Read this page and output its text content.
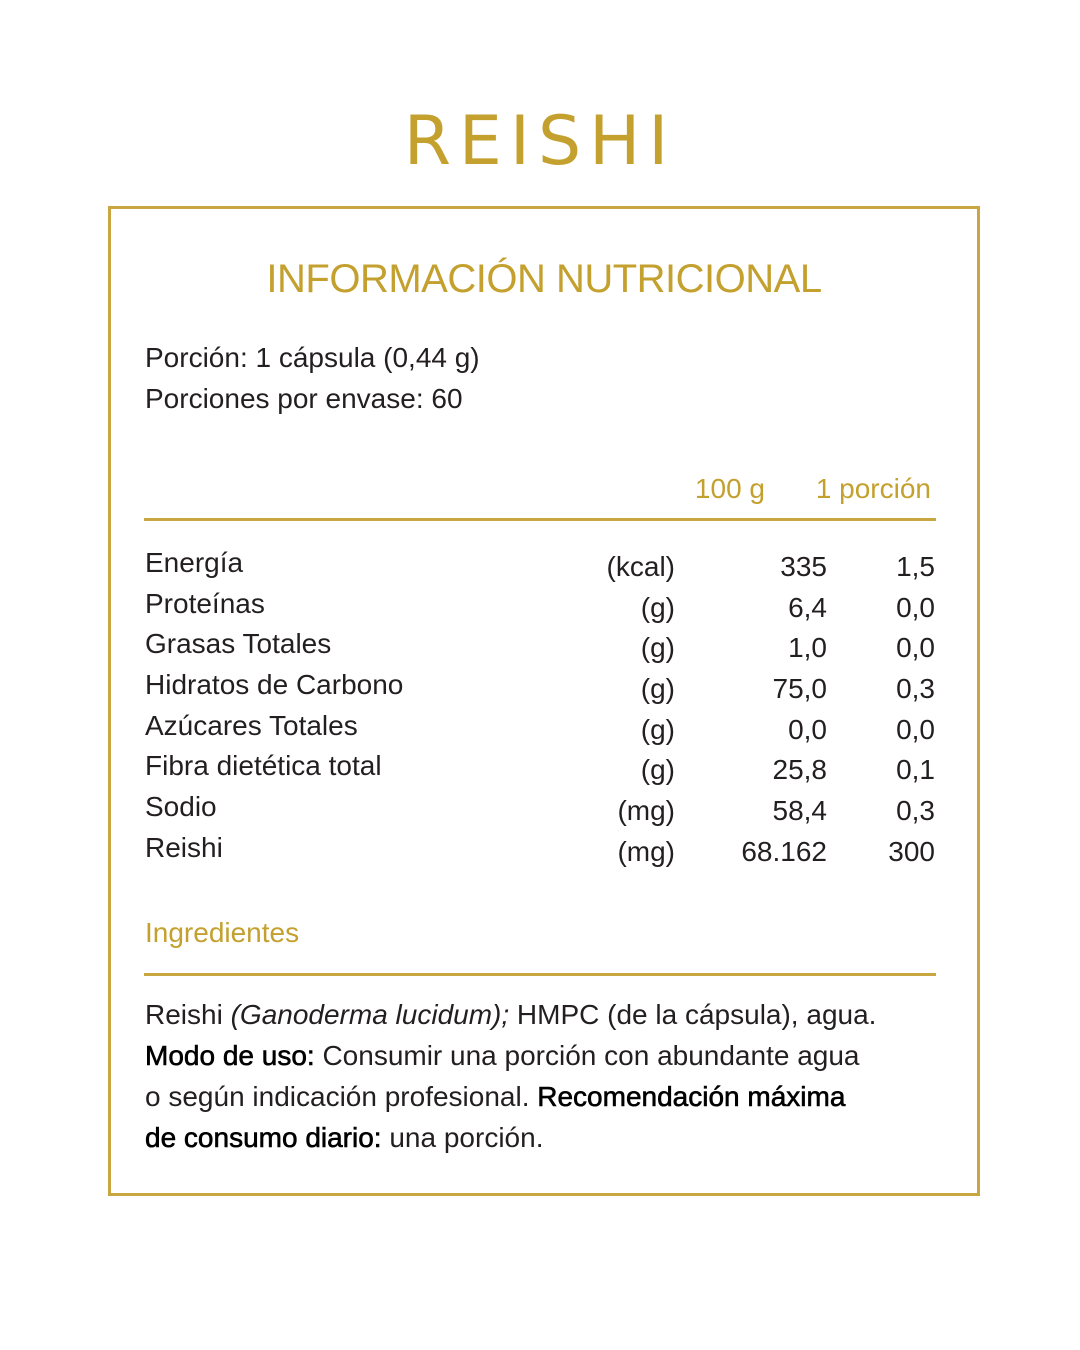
REISHI
INFORMACIÓN NUTRICIONAL
Porción: 1 cápsula (0,44 g)
Porciones por envase: 60
100 g 1 porción
Energía	(kcal)	335 1,5
Proteínas	(g)	6,4 0,0
Grasas Totales	(g)	1,0 0,0
Hidratos de Carbono	(g)	75,0 0,3
Azúcares Totales	(g)	0,0 0,0
Fibra dietética total	(g)	25,8 0,1
Sodio	(mg)	58,4 0,3
Reishi	(mg) 68.162 300
Ingredientes
Reishi (Ganoderma lucidum); HMPC (de la cápsula), agua.
Modo de uso: Consumir una porción con abundante agua
o según indicación profesional. Recomendación máxima
de consumo diario: una porción.
